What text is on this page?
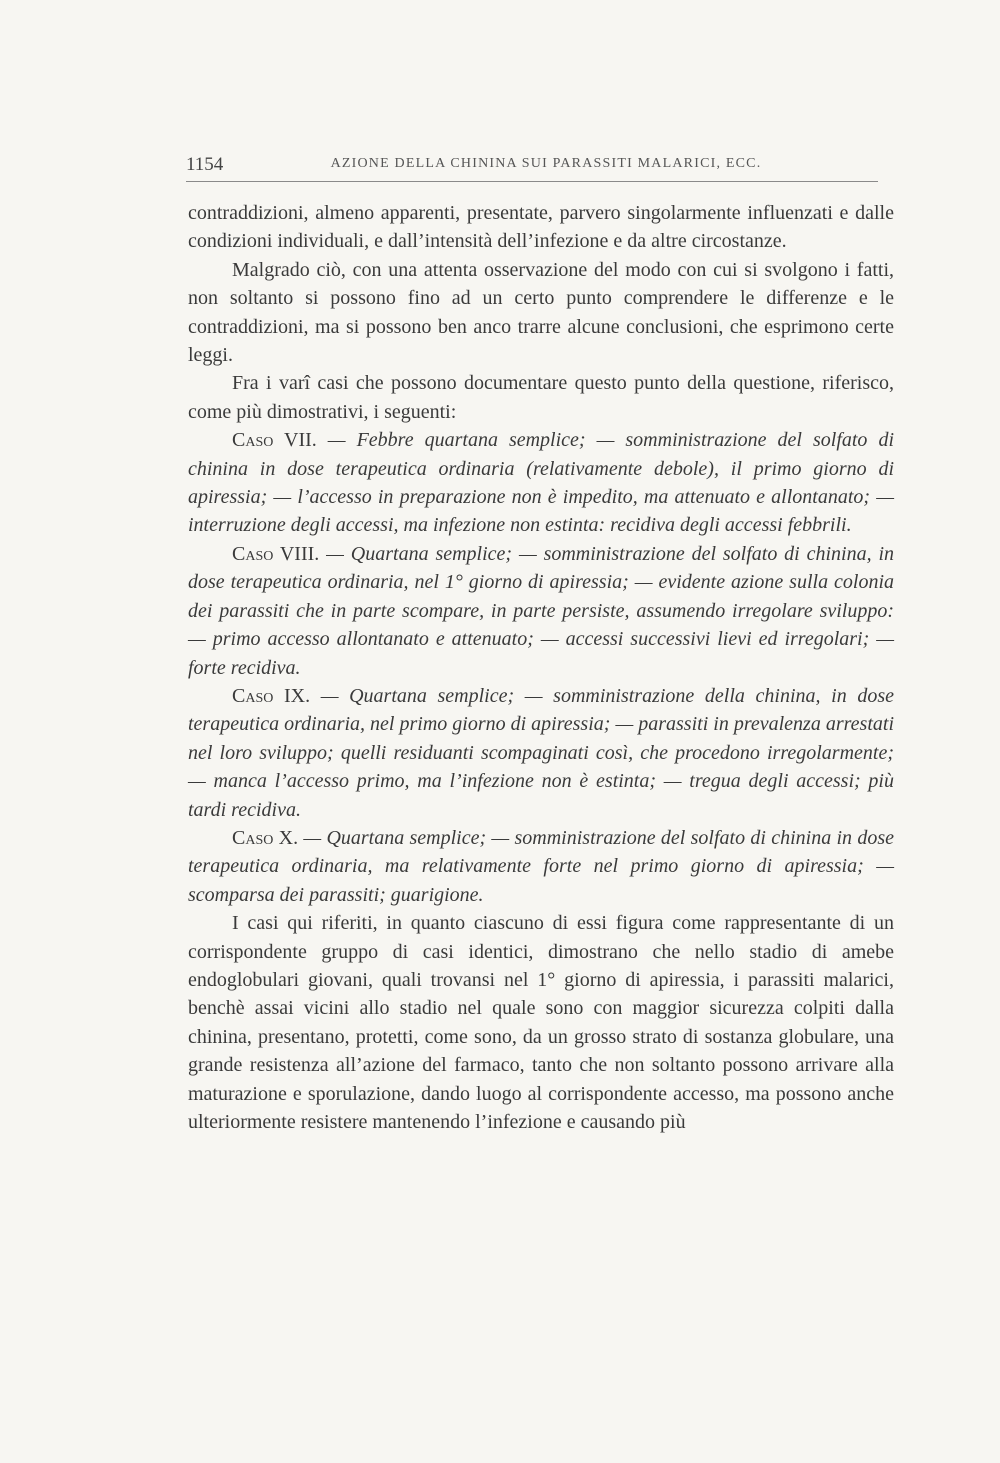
1154	AZIONE DELLA CHININA SUI PARASSITI MALARICI, ECC.

contraddizioni, almeno apparenti, presentate, parvero singolarmente influenzati e dalle condizioni individuali, e dall’intensità dell’infezione e da altre circostanze.

Malgrado ciò, con una attenta osservazione del modo con cui si svolgono i fatti, non soltanto si possono fino ad un certo punto comprendere le differenze e le contraddizioni, ma si possono ben anco trarre alcune conclusioni, che esprimono certe leggi.

Fra i varî casi che possono documentare questo punto della questione, riferisco, come più dimostrativi, i seguenti:

Caso VII. — Febbre quartana semplice; — somministrazione del solfato di chinina in dose terapeutica ordinaria (relativamente debole), il primo giorno di apiressia; — l’accesso in preparazione non è impedito, ma attenuato e allontanato; — interruzione degli accessi, ma infezione non estinta: recidiva degli accessi febbrili.

Caso VIII. — Quartana semplice; — somministrazione del solfato di chinina, in dose terapeutica ordinaria, nel 1° giorno di apiressia; — evidente azione sulla colonia dei parassiti che in parte scompare, in parte persiste, assumendo irregolare sviluppo: — primo accesso allontanato e attenuato; — accessi successivi lievi ed irregolari; — forte recidiva.

Caso IX. — Quartana semplice; — somministrazione della chinina, in dose terapeutica ordinaria, nel primo giorno di apiressia; — parassiti in prevalenza arrestati nel loro sviluppo; quelli residuanti scompaginati così, che procedono irregolarmente; — manca l’accesso primo, ma l’infezione non è estinta; — tregua degli accessi; più tardi recidiva.

Caso X. — Quartana semplice; — somministrazione del solfato di chinina in dose terapeutica ordinaria, ma relativamente forte nel primo giorno di apiressia; — scomparsa dei parassiti; guarigione.

I casi qui riferiti, in quanto ciascuno di essi figura come rappresentante di un corrispondente gruppo di casi identici, dimostrano che nello stadio di amebe endoglobulari giovani, quali trovansi nel 1° giorno di apiressia, i parassiti malarici, benchè assai vicini allo stadio nel quale sono con maggior sicurezza colpiti dalla chinina, presentano, protetti, come sono, da un grosso strato di sostanza globulare, una grande resistenza all’azione del farmaco, tanto che non soltanto possono arrivare alla maturazione e sporulazione, dando luogo al corrispondente accesso, ma possono anche ulteriormente resistere mantenendo l’infezione e causando più
